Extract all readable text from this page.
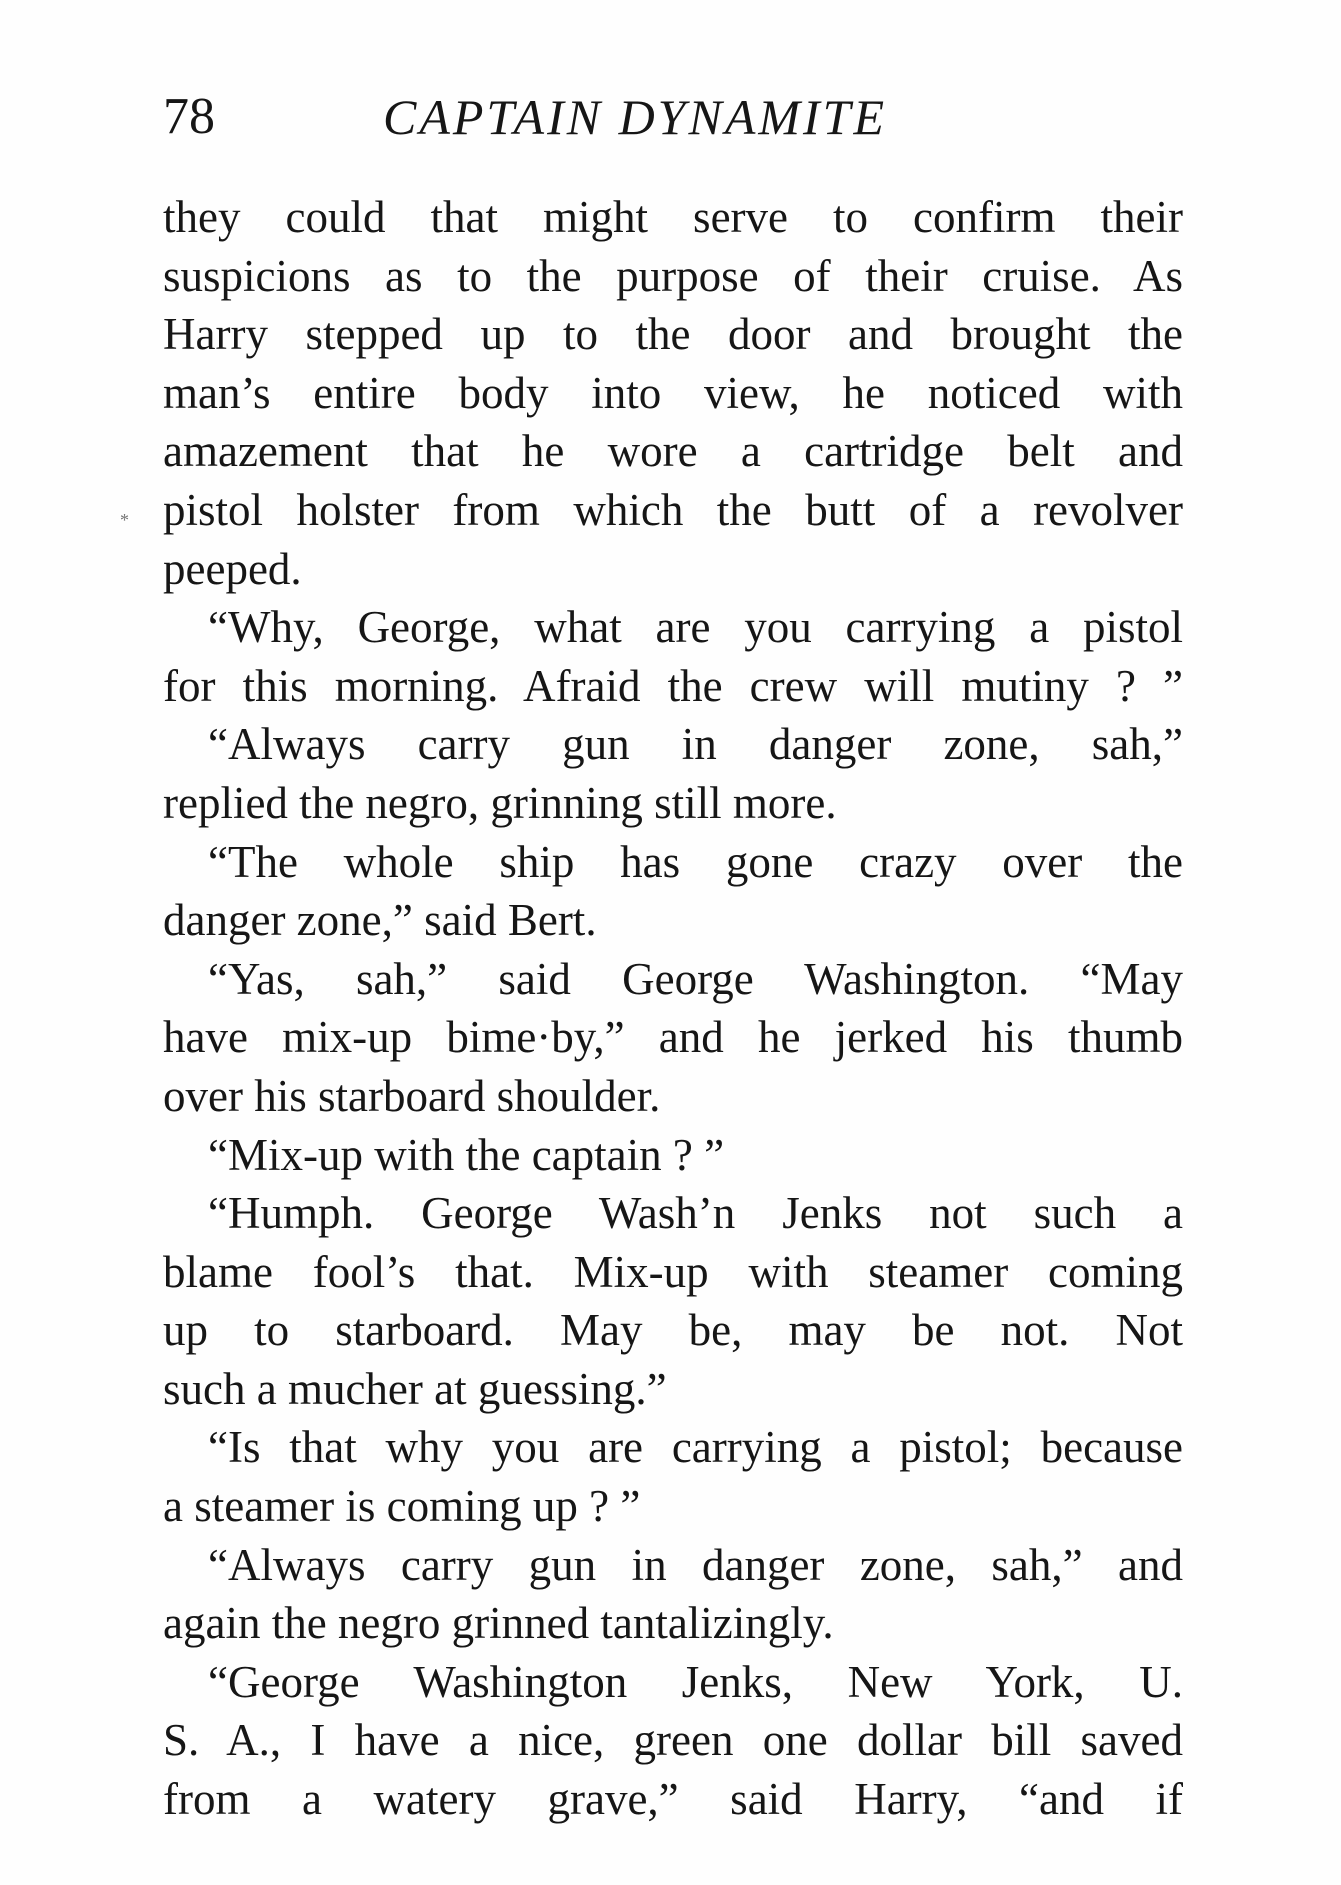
78	CAPTAIN DYNAMITE
*
they could that might serve to confirm their
suspicions as to the purpose of their cruise. As
Harry stepped up to the door and brought the
man’s entire body into view, he noticed with
amazement that he wore a cartridge belt and
pistol holster from which the butt of a revolver
peeped.
“Why, George, what are you carrying a pistol
for this morning. Afraid the crew will mutiny ? ”
“Always carry gun in danger zone, sah,”
replied the negro, grinning still more.
“The whole ship has gone crazy over the
danger zone,” said Bert.
“Yas, sah,” said George Washington. “May
have mix-up bime·by,” and he jerked his thumb
over his starboard shoulder.
“Mix-up with the captain ? ”
“Humph. George Wash’n Jenks not such a
blame fool’s that. Mix-up with steamer coming
up to starboard. May be, may be not. Not
such a mucher at guessing.”
“Is that why you are carrying a pistol; because
a steamer is coming up ? ”
“Always carry gun in danger zone, sah,” and
again the negro grinned tantalizingly.
“George Washington Jenks, New York, U.
S. A., I have a nice, green one dollar bill saved
from a watery grave,” said Harry, “and if
